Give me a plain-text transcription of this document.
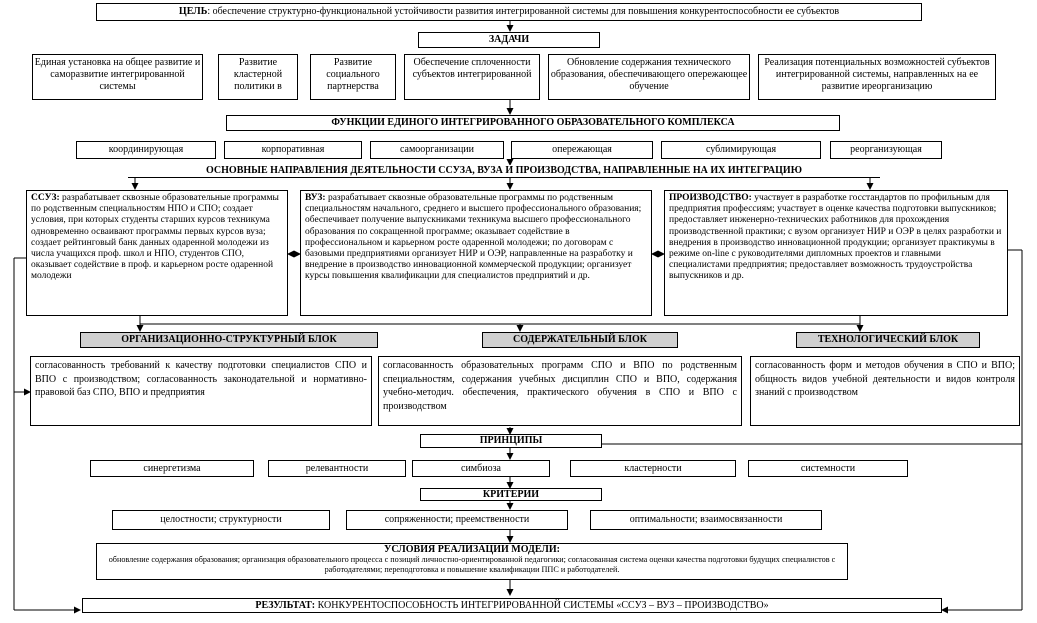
ЦЕЛЬ: обеспечение структурно-функциональной устойчивости развития интегрированной системы для повышения конкурентоспособности ее субъектов
ЗАДАЧИ
Единая установка на общее развитие и саморазвитие интегрированной системы
Развитие кластерной политики в
Развитие социального партнерства
Обеспечение сплоченности субъектов интегрированной
Обновление содержания технического образования, обеспечивающего опережающее обучение
Реализация потенциальных возможностей субъектов интегрированной системы, направленных на ее развитие иреорганизацию
ФУНКЦИИ ЕДИНОГО ИНТЕГРИРОВАННОГО ОБРАЗОВАТЕЛЬНОГО КОМПЛЕКСА
координирующая	корпоративная	самоорганизации	опережающая	сублимирующая	реорганизующая
ОСНОВНЫЕ НАПРАВЛЕНИЯ ДЕЯТЕЛЬНОСТИ ССУЗА, ВУЗА И ПРОИЗВОДСТВА, НАПРАВЛЕННЫЕ НА ИХ ИНТЕГРАЦИЮ
ССУЗ: разрабатывает сквозные образовательные программы по родственным специальностям НПО и СПО; создает условия, при которых студенты старших курсов техникума одновременно осваивают программы первых курсов вуза; создает рейтинговый банк данных одаренной молодежи из числа учащихся проф. школ и НПО, студентов СПО, оказывает содействие в проф. и карьерном росте одаренной молодежи
ВУЗ: разрабатывает сквозные образовательные программы по родственным специальностям начального, среднего и высшего профессионального образования; обеспечивает получение выпускниками техникума высшего профессионального образования по сокращенной программе; оказывает содействие в профессиональном и карьерном росте одаренной молодежи; по договорам с базовыми предприятиями организует НИР и ОЭР, направленные на разработку и внедрение в производство инновационной коммерческой продукции; организует курсы повышения квалификации для специалистов предприятий и др.
ПРОИЗВОДСТВО: участвует в разработке госстандартов по профильным для предприятия профессиям; участвует в оценке качества подготовки выпускников; предоставляет инженерно-технических работников для прохождения производственной практики; с вузом организует НИР и ОЭР в целях разработки и внедрения в производство инновационной продукции; организует практикумы в режиме on-line с руководителями дипломных проектов и главными специалистами предприятия; предоставляет возможность трудоустройства выпускников и др.
ОРГАНИЗАЦИОННО-СТРУКТУРНЫЙ БЛОК	СОДЕРЖАТЕЛЬНЫЙ БЛОК	ТЕХНОЛОГИЧЕСКИЙ БЛОК
согласованность требований к качеству подготовки специалистов СПО и ВПО с производством; согласованность законодательной и нормативно-правовой баз СПО, ВПО и предприятия
согласованность образовательных программ СПО и ВПО по родственным специальностям, содержания учебных дисциплин СПО и ВПО, содержания учебно-методич. обеспечения, практического обучения в СПО и ВПО с производством
согласованность форм и методов обучения в СПО и ВПО; общность видов учебной деятельности и видов контроля знаний с производством
ПРИНЦИПЫ
синергетизма	релевантности	симбиоза	кластерности	системности
КРИТЕРИИ
целостности; структурности	сопряженности; преемственности	оптимальности; взаимосвязанности
УСЛОВИЯ РЕАЛИЗАЦИИ МОДЕЛИ:
обновление содержания образования; организация образовательного процесса с позиций личностно-ориентированной педагогики; согласованная система оценки качества подготовки будущих специалистов с работодателями; переподготовка и повышение квалификации ППС и работодателей.
РЕЗУЛЬТАТ: КОНКУРЕНТОСПОСОБНОСТЬ ИНТЕГРИРОВАННОЙ СИСТЕМЫ «ССУЗ – ВУЗ – ПРОИЗВОДСТВО»
